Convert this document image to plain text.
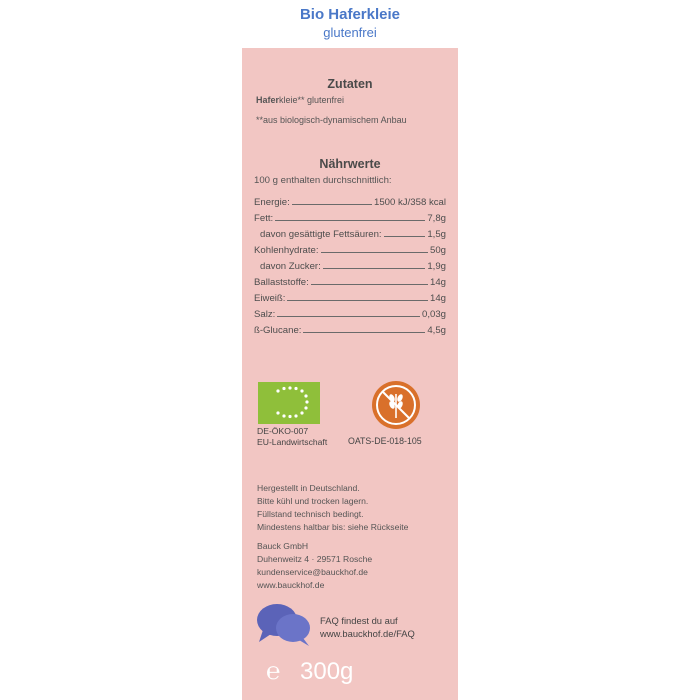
Bio Haferkleie
glutenfrei
Zutaten
Haferkleie** glutenfrei
**aus biologisch-dynamischem Anbau
Nährwerte
100 g enthalten durchschnittlich:
Energie:	1500 kJ/358 kcal
Fett:	7,8g
davon gesättigte Fettsäuren:	1,5g
Kohlenhydrate:	50g
davon Zucker:	1,9g
Ballaststoffe:	14g
Eiweiß:	14g
Salz:	0,03g
ß-Glucane:	4,5g
DE-ÖKO-007
EU-Landwirtschaft OATS-DE-018-105
Hergestellt in Deutschland.
Bitte kühl und trocken lagern.
Füllstand technisch bedingt.
Mindestens haltbar bis: siehe Rückseite
Bauck GmbH
Duhenweitz 4 · 29571 Rosche
kundenservice@bauckhof.de
www.bauckhof.de
FAQ findest du auf
www.bauckhof.de/FAQ
℮ 300g
